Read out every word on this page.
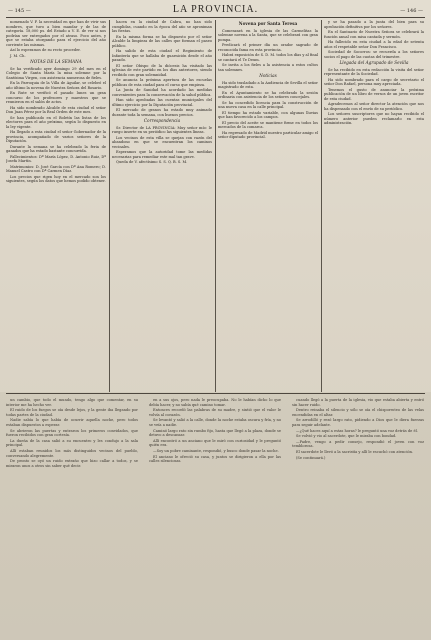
— 145 —	LA PROVINCIA.	— 146 —

nomenado V. F. la necesidad en que han de vivir sus nombres, que tuvo a bien mandar y de las de categoría. 18,000 ps. del Estado a V. E. de ver si nos podrían ser entregados por el atraso. Poco antes, y que se estaba otorgando para el ejercicio del año corriente las mismas.

Así lo esperamos de su recto proceder.

J. M. Ch.

NOTAS DE LA SEMANA

Se ha verificado ayer domingo 29 del mes en el Colegio de Santa María la misa solemne por la Santísima Virgen, con asistencia numerosa de fieles.

En la Parroquia de la Villa de Aguilar, se celebró el año último la novena de Nuestra Señora del Rosario.

En Rute se verificó el pasado lunes un gran concurso de los profesores y maestros que se reunieron en el salón de actos.

Ha sido nombrado Alcalde de esta ciudad el señor Don Juan Pérez por la Real Orden de este mes.

Se han publicado en el Boletín las listas de los electores para el año próximo, según lo dispuesto en la ley vigente.

Ha llegado a esta ciudad el señor Gobernador de la provincia, acompañado de varios señores de la Diputación.

Durante la semana se ha celebrado la feria de ganados que ha estado bastante concurrida.

Fallecimientos: Dª María López, D. Antonio Ruiz, Dª Josefa Martín.

Matrimonios: D. José García con Dª Ana Romero; D. Manuel Castro con Dª Carmen Díaz.

Los precios que rigen hoy en el mercado son los siguientes, según los datos que hemos podido obtener.

hacen en la ciudad de Cabra, no han sido cumplidas, cuando en la época del año se aproximan las fiestas.

En la misma forma se ha dispuesto por el señor Alcalde la limpieza de las calles que forman el paseo público.

Ha salido de esta ciudad el Regimiento de Infantería que se hallaba de guarnición desde el año pasado.

El señor Obispo de la diócesis ha visitado las iglesias de este partido en los días anteriores, siendo recibido con gran solemnidad.

Se anuncia la próxima apertura de las escuelas públicas de esta ciudad para el curso que empieza.

La Junta de Sanidad ha acordado las medidas convenientes para la conservación de la salud pública.

Han sido aprobadas las cuentas municipales del último ejercicio por la Diputación provincial.

El mercado de granos ha estado muy animado durante toda la semana, con buenos precios.

Correspondencia

Sr. Director de LA PROVINCIA: Muy señor mío: le ruego inserte en su periódico las siguientes líneas.

Los vecinos de esta villa se quejan con razón del abandono en que se encuentran los caminos vecinales.

Esperamos que la autoridad tome las medidas necesarias para remediar este mal tan grave.

Queda de V. afectísimo S. S. Q. B. S. M.

Novena por Santa Teresa

Comenzará en la iglesia de las Carmelitas la solemne novena a la Santa, que se celebrará con gran pompa.

Predicará el primer día un orador sagrado de reconocida fama en esta provincia.

Habrá exposición de S. D. M. todos los días y al final se cantará el Te Deum.

Se invita a los fieles a la asistencia a estos cultos tan solemnes.

Noticias

Ha sido trasladado a la Audiencia de Sevilla el señor magistrado de esta.

En el Ayuntamiento se ha celebrado la sesión ordinaria con asistencia de los señores concejales.

Se ha concedido licencia para la construcción de una nueva casa en la calle principal.

El tiempo ha estado variable, con algunas lluvias que han favorecido a los campos.

El precio del aceite se mantiene firme en todos los mercados de la comarca.

Ha regresado de Madrid nuestro particular amigo el señor diputado provincial.

y se ha pasado a la junta del bien para su aprobación definitiva por los señores.

En el Santuario de Nuestra Señora se celebrará la función anual con misa cantada y sermón.

Ha fallecido en esta ciudad a la edad de setenta años el respetable señor Don Francisco.

Sociedad de Socorros: se recuerda a los señores socios el pago de las cuotas del trimestre.

Llegada del Agrupado de Sevilla

Se ha recibido en esta redacción la visita del señor representante de la Sociedad.

Ha sido nombrado para el cargo de secretario el señor Don Rafael, persona muy apreciada.

Tenemos el gusto de anunciar la próxima publicación de un libro de versos de un joven escritor de esta ciudad.

Agradecemos al señor director la atención que nos ha dispensado con el envío de su periódico.

Los señores suscriptores que no hayan recibido el número anterior pueden reclamarlo en esta administración.

un cambio, que todo el mundo, tengo algo que comentar, en su interior me ha hecho ver.

El ruido de los fuegos se oía desde lejos, y la gente iba llegando por todas partes de la ciudad.

Nadie sabía lo que había de ocurrir aquella noche, pero todos estaban dispuestos a esperar.

Se abrieron las puertas y entraron los primeros convidados, que fueron recibidos con gran cortesía.

La dueña de la casa salió a su encuentro y les condujo a la sala principal.

Allí estaban reunidos los más distinguidos vecinos del pueblo, conversando alegremente.

De pronto se oyó un ruido extraño que hizo callar a todos, y se miraron unos a otros sin saber qué decir.

en a sus ojos, pero nada le preocupaba. No le habían dicho lo que debía hacer, y no sabía qué camino tomar.

Entonces recordó las palabras de su madre, y sintió que el valor le volvía al corazón.

Se levantó y salió a la calle, donde la noche estaba oscura y fría, y no se veía a nadie.

Caminó largo rato sin rumbo fijo, hasta que llegó a la plaza, donde se detuvo a descansar.

Allí encontró a un anciano que le miró con curiosidad y le preguntó quién era.

—Soy un pobre caminante, respondió, y busco donde pasar la noche.

El anciano le ofreció su casa, y juntos se dirigieron a ella por las calles silenciosas.

cuando llegó a la puerta de la iglesia, vio que estaba abierta y entró sin hacer ruido.

Dentro reinaba el silencio y sólo se oía el chisporroteo de las velas encendidas en el altar.

Se arrodilló y rezó largo rato, pidiendo a Dios que le diera fuerzas para seguir adelante.

—¿Qué haces aquí a estas horas? le preguntó una voz detrás de él.

Se volvió y vio al sacerdote, que le miraba con bondad.

—Padre, vengo a pedir consejo, respondió el joven con voz temblorosa.

El sacerdote le llevó a la sacristía y allí le escuchó con atención.

(Se continuará.)
